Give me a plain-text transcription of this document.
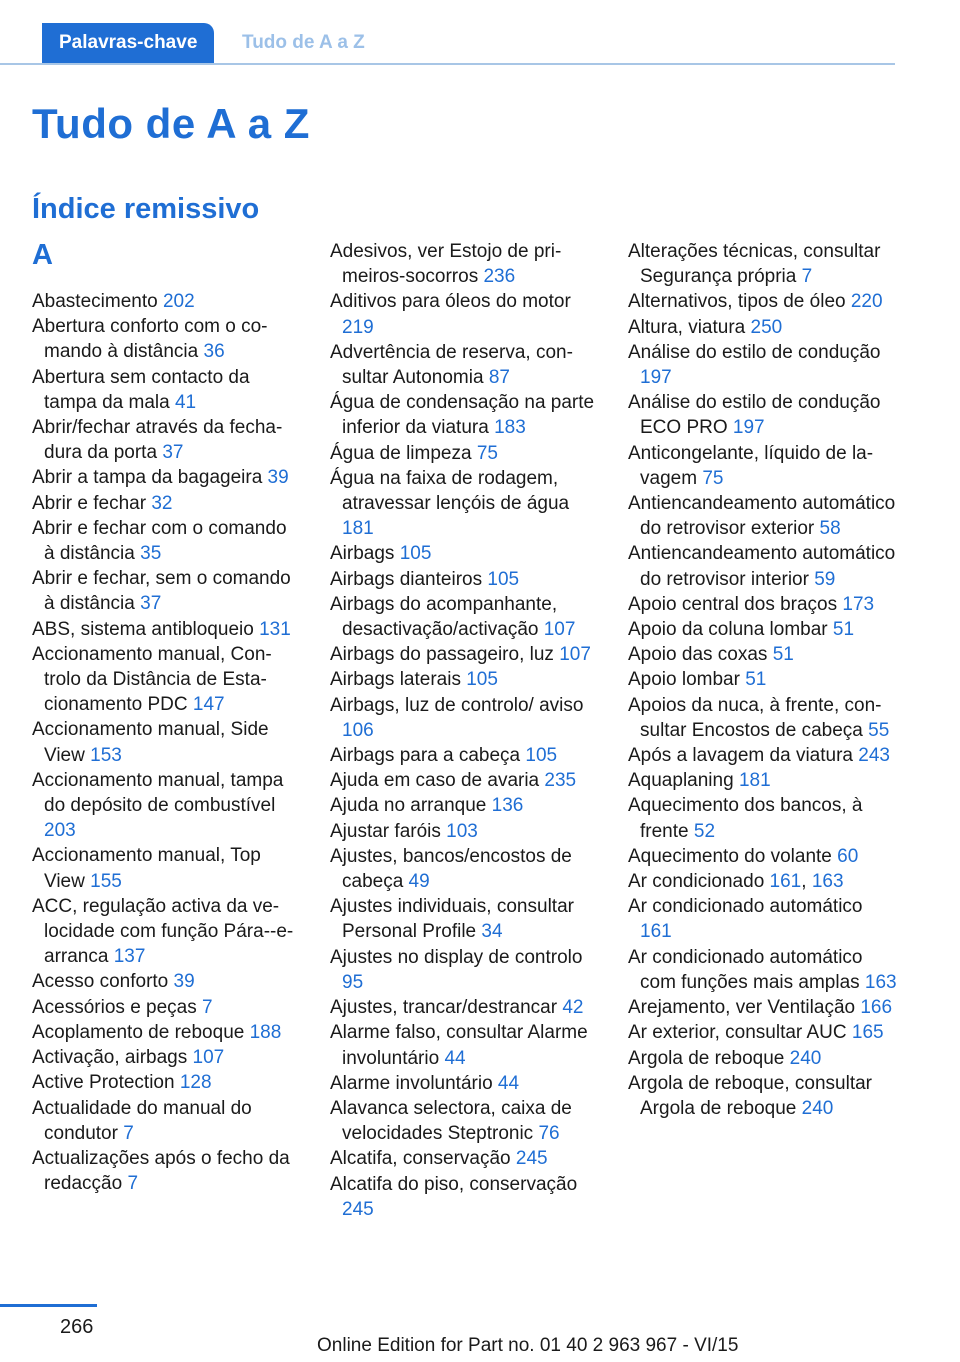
Palavras-chave	Tudo de A a Z
Tudo de A a Z
Índice remissivo
A
Abastecimento 202
Abertura conforto com o comando à distância 36
Abertura sem contacto da tampa da mala 41
Abrir/fechar através da fechadura da porta 37
Abrir a tampa da bagageira 39
Abrir e fechar 32
Abrir e fechar com o comando à distância 35
Abrir e fechar, sem o comando à distância 37
ABS, sistema antibloqueio 131
Accionamento manual, Controlo da Distância de Estacionamento PDC 147
Accionamento manual, Side View 153
Accionamento manual, tampa do depósito de combustível 203
Accionamento manual, Top View 155
ACC, regulação activa da velocidade com função Pára--e-arranca 137
Acesso conforto 39
Acessórios e peças 7
Acoplamento de reboque 188
Activação, airbags 107
Active Protection 128
Actualidade do manual do condutor 7
Actualizações após o fecho da redacção 7
Adesivos, ver Estojo de primeiros-socorros 236
Aditivos para óleos do motor 219
Advertência de reserva, consultar Autonomia 87
Água de condensação na parte inferior da viatura 183
Água de limpeza 75
Água na faixa de rodagem, atravessar lençóis de água 181
Airbags 105
Airbags dianteiros 105
Airbags do acompanhante, desactivação/activação 107
Airbags do passageiro, luz 107
Airbags laterais 105
Airbags, luz de controlo/ aviso 106
Airbags para a cabeça 105
Ajuda em caso de avaria 235
Ajuda no arranque 136
Ajustar faróis 103
Ajustes, bancos/encostos de cabeça 49
Ajustes individuais, consultar Personal Profile 34
Ajustes no display de controlo 95
Ajustes, trancar/destrancar 42
Alarme falso, consultar Alarme involuntário 44
Alarme involuntário 44
Alavanca selectora, caixa de velocidades Steptronic 76
Alcatifa, conservação 245
Alcatifa do piso, conservação 245
Alterações técnicas, consultar Segurança própria 7
Alternativos, tipos de óleo 220
Altura, viatura 250
Análise do estilo de condução 197
Análise do estilo de condução ECO PRO 197
Anticongelante, líquido de lavagem 75
Antiencandeamento automático do retrovisor exterior 58
Antiencandeamento automático do retrovisor interior 59
Apoio central dos braços 173
Apoio da coluna lombar 51
Apoio das coxas 51
Apoio lombar 51
Apoios da nuca, à frente, consultar Encostos de cabeça 55
Após a lavagem da viatura 243
Aquaplaning 181
Aquecimento dos bancos, à frente 52
Aquecimento do volante 60
Ar condicionado 161, 163
Ar condicionado automático 161
Ar condicionado automático com funções mais amplas 163
Arejamento, ver Ventilação 166
Ar exterior, consultar AUC 165
Argola de reboque 240
Argola de reboque, consultar Argola de reboque 240
266
Online Edition for Part no. 01 40 2 963 967 - VI/15
